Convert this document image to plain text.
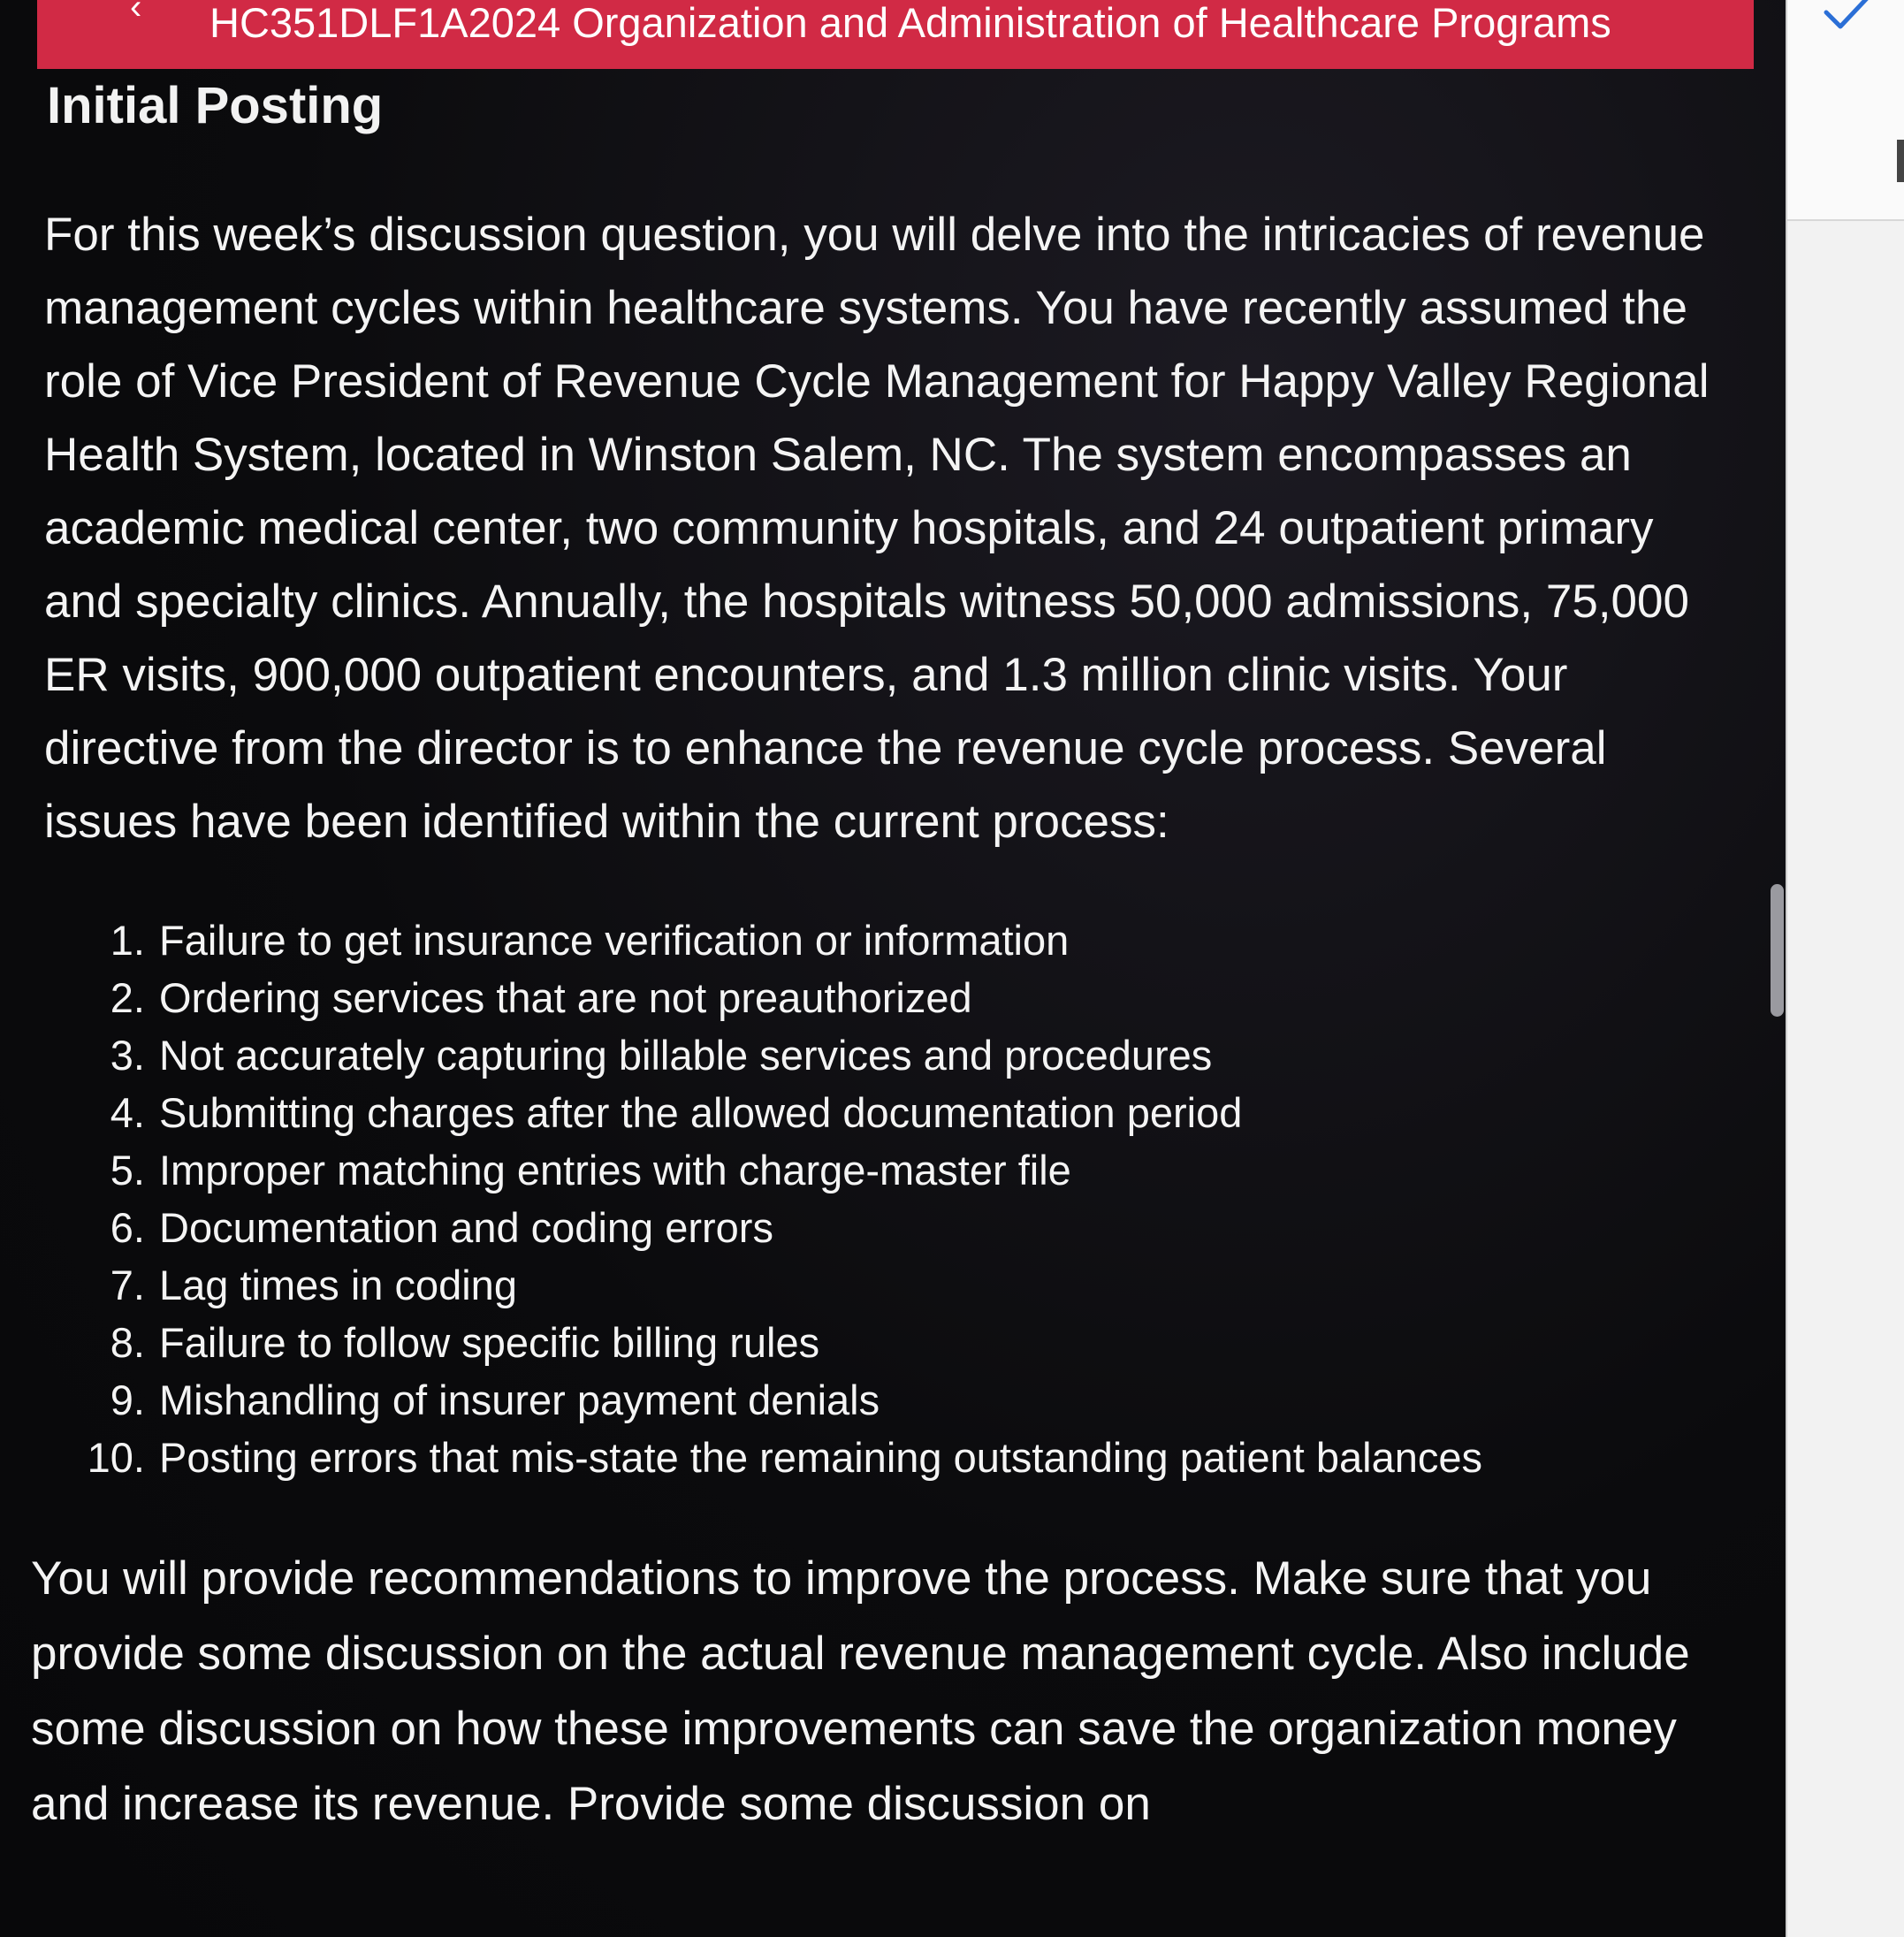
‹	HC351DLF1A2024 Organization and Administration of Healthcare Programs
Initial Posting
For this week’s discussion question, you will delve into the intricacies of revenue management cycles within healthcare systems. You have recently assumed the role of Vice President of Revenue Cycle Management for Happy Valley Regional Health System, located in Winston Salem, NC. The system encompasses an academic medical center, two community hospitals, and 24 outpatient primary and specialty clinics. Annually, the hospitals witness 50,000 admissions, 75,000 ER visits, 900,000 outpatient encounters, and 1.3 million clinic visits. Your directive from the director is to enhance the revenue cycle process. Several issues have been identified within the current process:
1. Failure to get insurance verification or information
2. Ordering services that are not preauthorized
3. Not accurately capturing billable services and procedures
4. Submitting charges after the allowed documentation period
5. Improper matching entries with charge-master file
6. Documentation and coding errors
7. Lag times in coding
8. Failure to follow specific billing rules
9. Mishandling of insurer payment denials
10. Posting errors that mis-state the remaining outstanding patient balances
You will provide recommendations to improve the process. Make sure that you provide some discussion on the actual revenue management cycle. Also include some discussion on how these improvements can save the organization money and increase its revenue. Provide some discussion on
